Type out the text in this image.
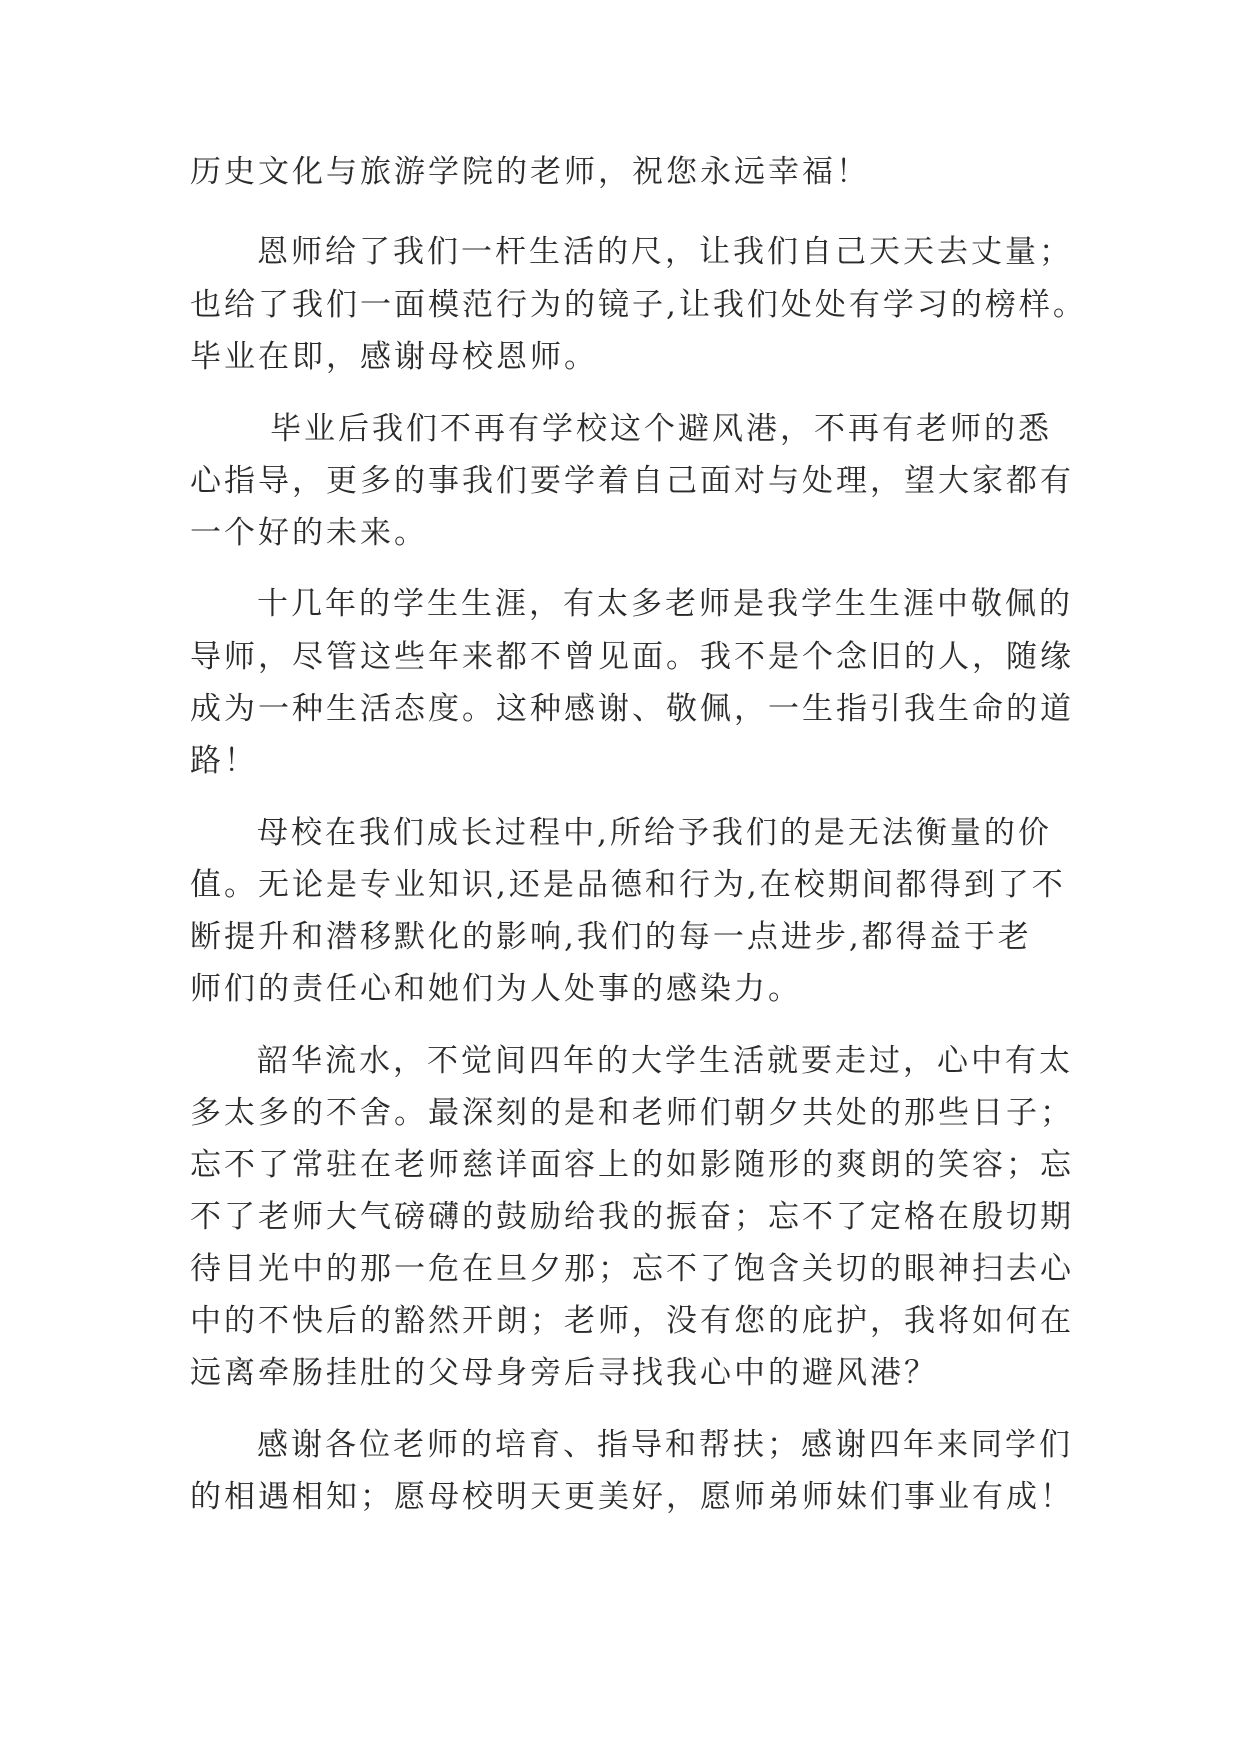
历史文化与旅游学院的老师，祝您永远幸福！
恩师给了我们一杆生活的尺，让我们自己天天去丈量；
也给了我们一面模范行为的镜子,让我们处处有学习的榜样。
毕业在即，感谢母校恩师。
毕业后我们不再有学校这个避风港，不再有老师的悉
心指导，更多的事我们要学着自己面对与处理，望大家都有
一个好的未来。
十几年的学生生涯，有太多老师是我学生生涯中敬佩的
导师，尽管这些年来都不曾见面。我不是个念旧的人，随缘
成为一种生活态度。这种感谢、敬佩，一生指引我生命的道
路！
母校在我们成长过程中,所给予我们的是无法衡量的价
值。无论是专业知识,还是品德和行为,在校期间都得到了不
断提升和潜移默化的影响,我们的每一点进步,都得益于老
师们的责任心和她们为人处事的感染力。
韶华流水，不觉间四年的大学生活就要走过，心中有太
多太多的不舍。最深刻的是和老师们朝夕共处的那些日子；
忘不了常驻在老师慈详面容上的如影随形的爽朗的笑容；忘
不了老师大气磅礴的鼓励给我的振奋；忘不了定格在殷切期
待目光中的那一危在旦夕那；忘不了饱含关切的眼神扫去心
中的不快后的豁然开朗；老师，没有您的庇护，我将如何在
远离牵肠挂肚的父母身旁后寻找我心中的避风港？
感谢各位老师的培育、指导和帮扶；感谢四年来同学们
的相遇相知；愿母校明天更美好，愿师弟师妹们事业有成！
